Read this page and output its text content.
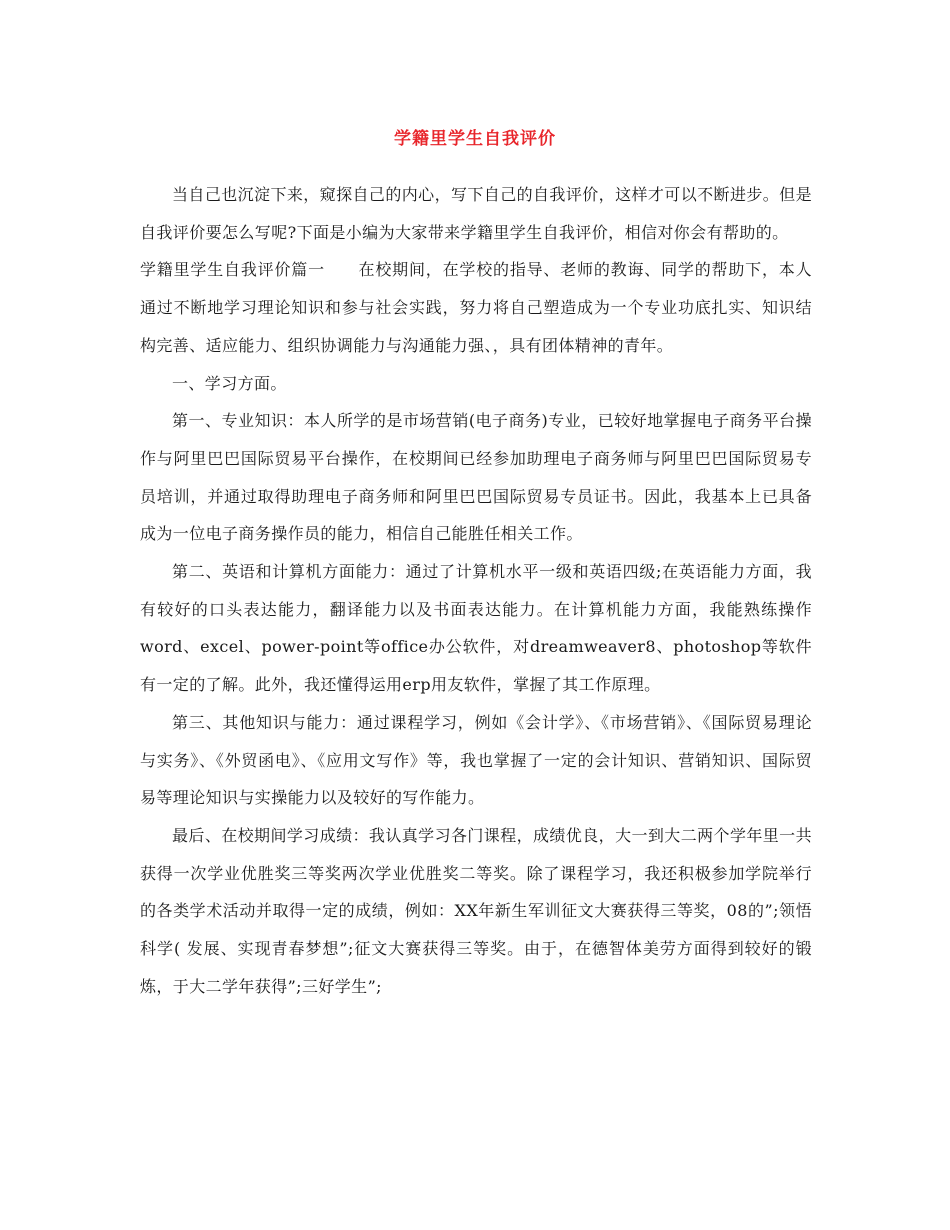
学籍里学生自我评价

当自己也沉淀下来，窥探自己的内心，写下自己的自我评价，这样才可以不断进步。但是自我评价要怎么写呢?下面是小编为大家带来学籍里学生自我评价，相信对你会有帮助的。

学籍里学生自我评价篇一　　在校期间，在学校的指导、老师的教诲、同学的帮助下，本人通过不断地学习理论知识和参与社会实践，努力将自己塑造成为一个专业功底扎实、知识结构完善、适应能力、组织协调能力与沟通能力强、，具有团体精神的青年。

一、学习方面。

第一、专业知识：本人所学的是市场营销(电子商务)专业，已较好地掌握电子商务平台操作与阿里巴巴国际贸易平台操作，在校期间已经参加助理电子商务师与阿里巴巴国际贸易专员培训，并通过取得助理电子商务师和阿里巴巴国际贸易专员证书。因此，我基本上已具备成为一位电子商务操作员的能力，相信自己能胜任相关工作。

第二、英语和计算机方面能力：通过了计算机水平一级和英语四级;在英语能力方面，我有较好的口头表达能力，翻译能力以及书面表达能力。在计算机能力方面，我能熟练操作word、excel、power-point等office办公软件，对dreamweaver8、photoshop等软件有一定的了解。此外，我还懂得运用erp用友软件，掌握了其工作原理。

第三、其他知识与能力：通过课程学习，例如《会计学》、《市场营销》、《国际贸易理论与实务》、《外贸函电》、《应用文写作》等，我也掌握了一定的会计知识、营销知识、国际贸易等理论知识与实操能力以及较好的写作能力。

最后、在校期间学习成绩：我认真学习各门课程，成绩优良，大一到大二两个学年里一共获得一次学业优胜奖三等奖两次学业优胜奖二等奖。除了课程学习，我还积极参加学院举行的各类学术活动并取得一定的成绩，例如：XX年新生军训征文大赛获得三等奖，08的”;领悟科学( 发展、实现青春梦想”;征文大赛获得三等奖。由于，在德智体美劳方面得到较好的锻炼，于大二学年获得”;三好学生”;
